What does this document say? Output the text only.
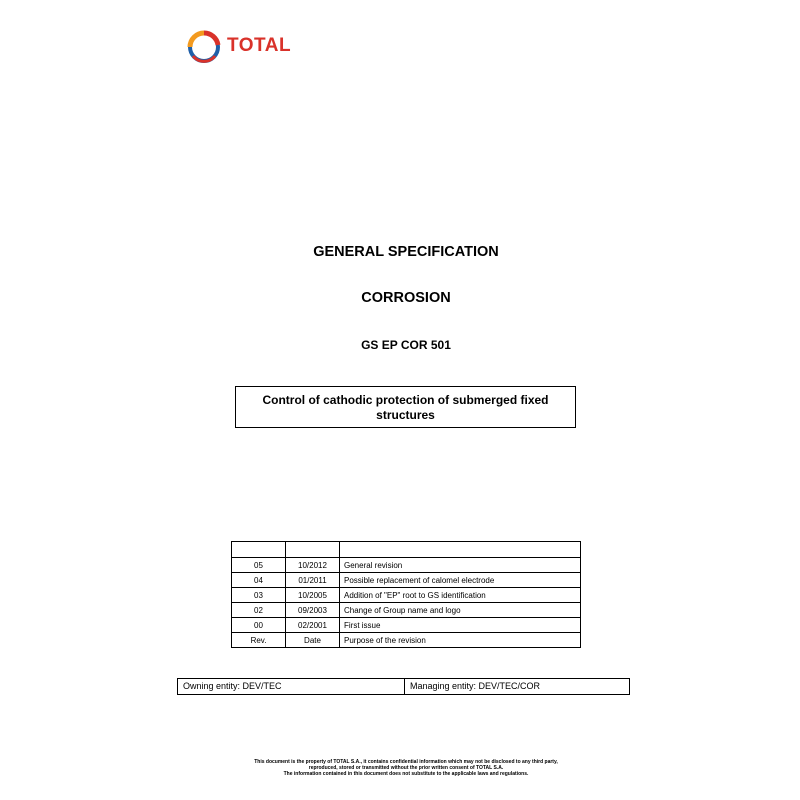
TOTAL
GENERAL SPECIFICATION
CORROSION
GS EP COR 501
Control of cathodic protection of submerged fixed structures

05	10/2012	General revision
04	01/2011	Possible replacement of calomel electrode
03	10/2005	Addition of "EP" root to GS identification
02	09/2003	Change of Group name and logo
00	02/2001	First issue
Rev.	Date	Purpose of the revision
Owning entity: DEV/TEC	Managing entity: DEV/TEC/COR
This document is the property of TOTAL S.A., it contains confidential information which may not be disclosed to any third party,
reproduced, stored or transmitted without the prior written consent of TOTAL S.A.
The information contained in this document does not substitute to the applicable laws and regulations.
